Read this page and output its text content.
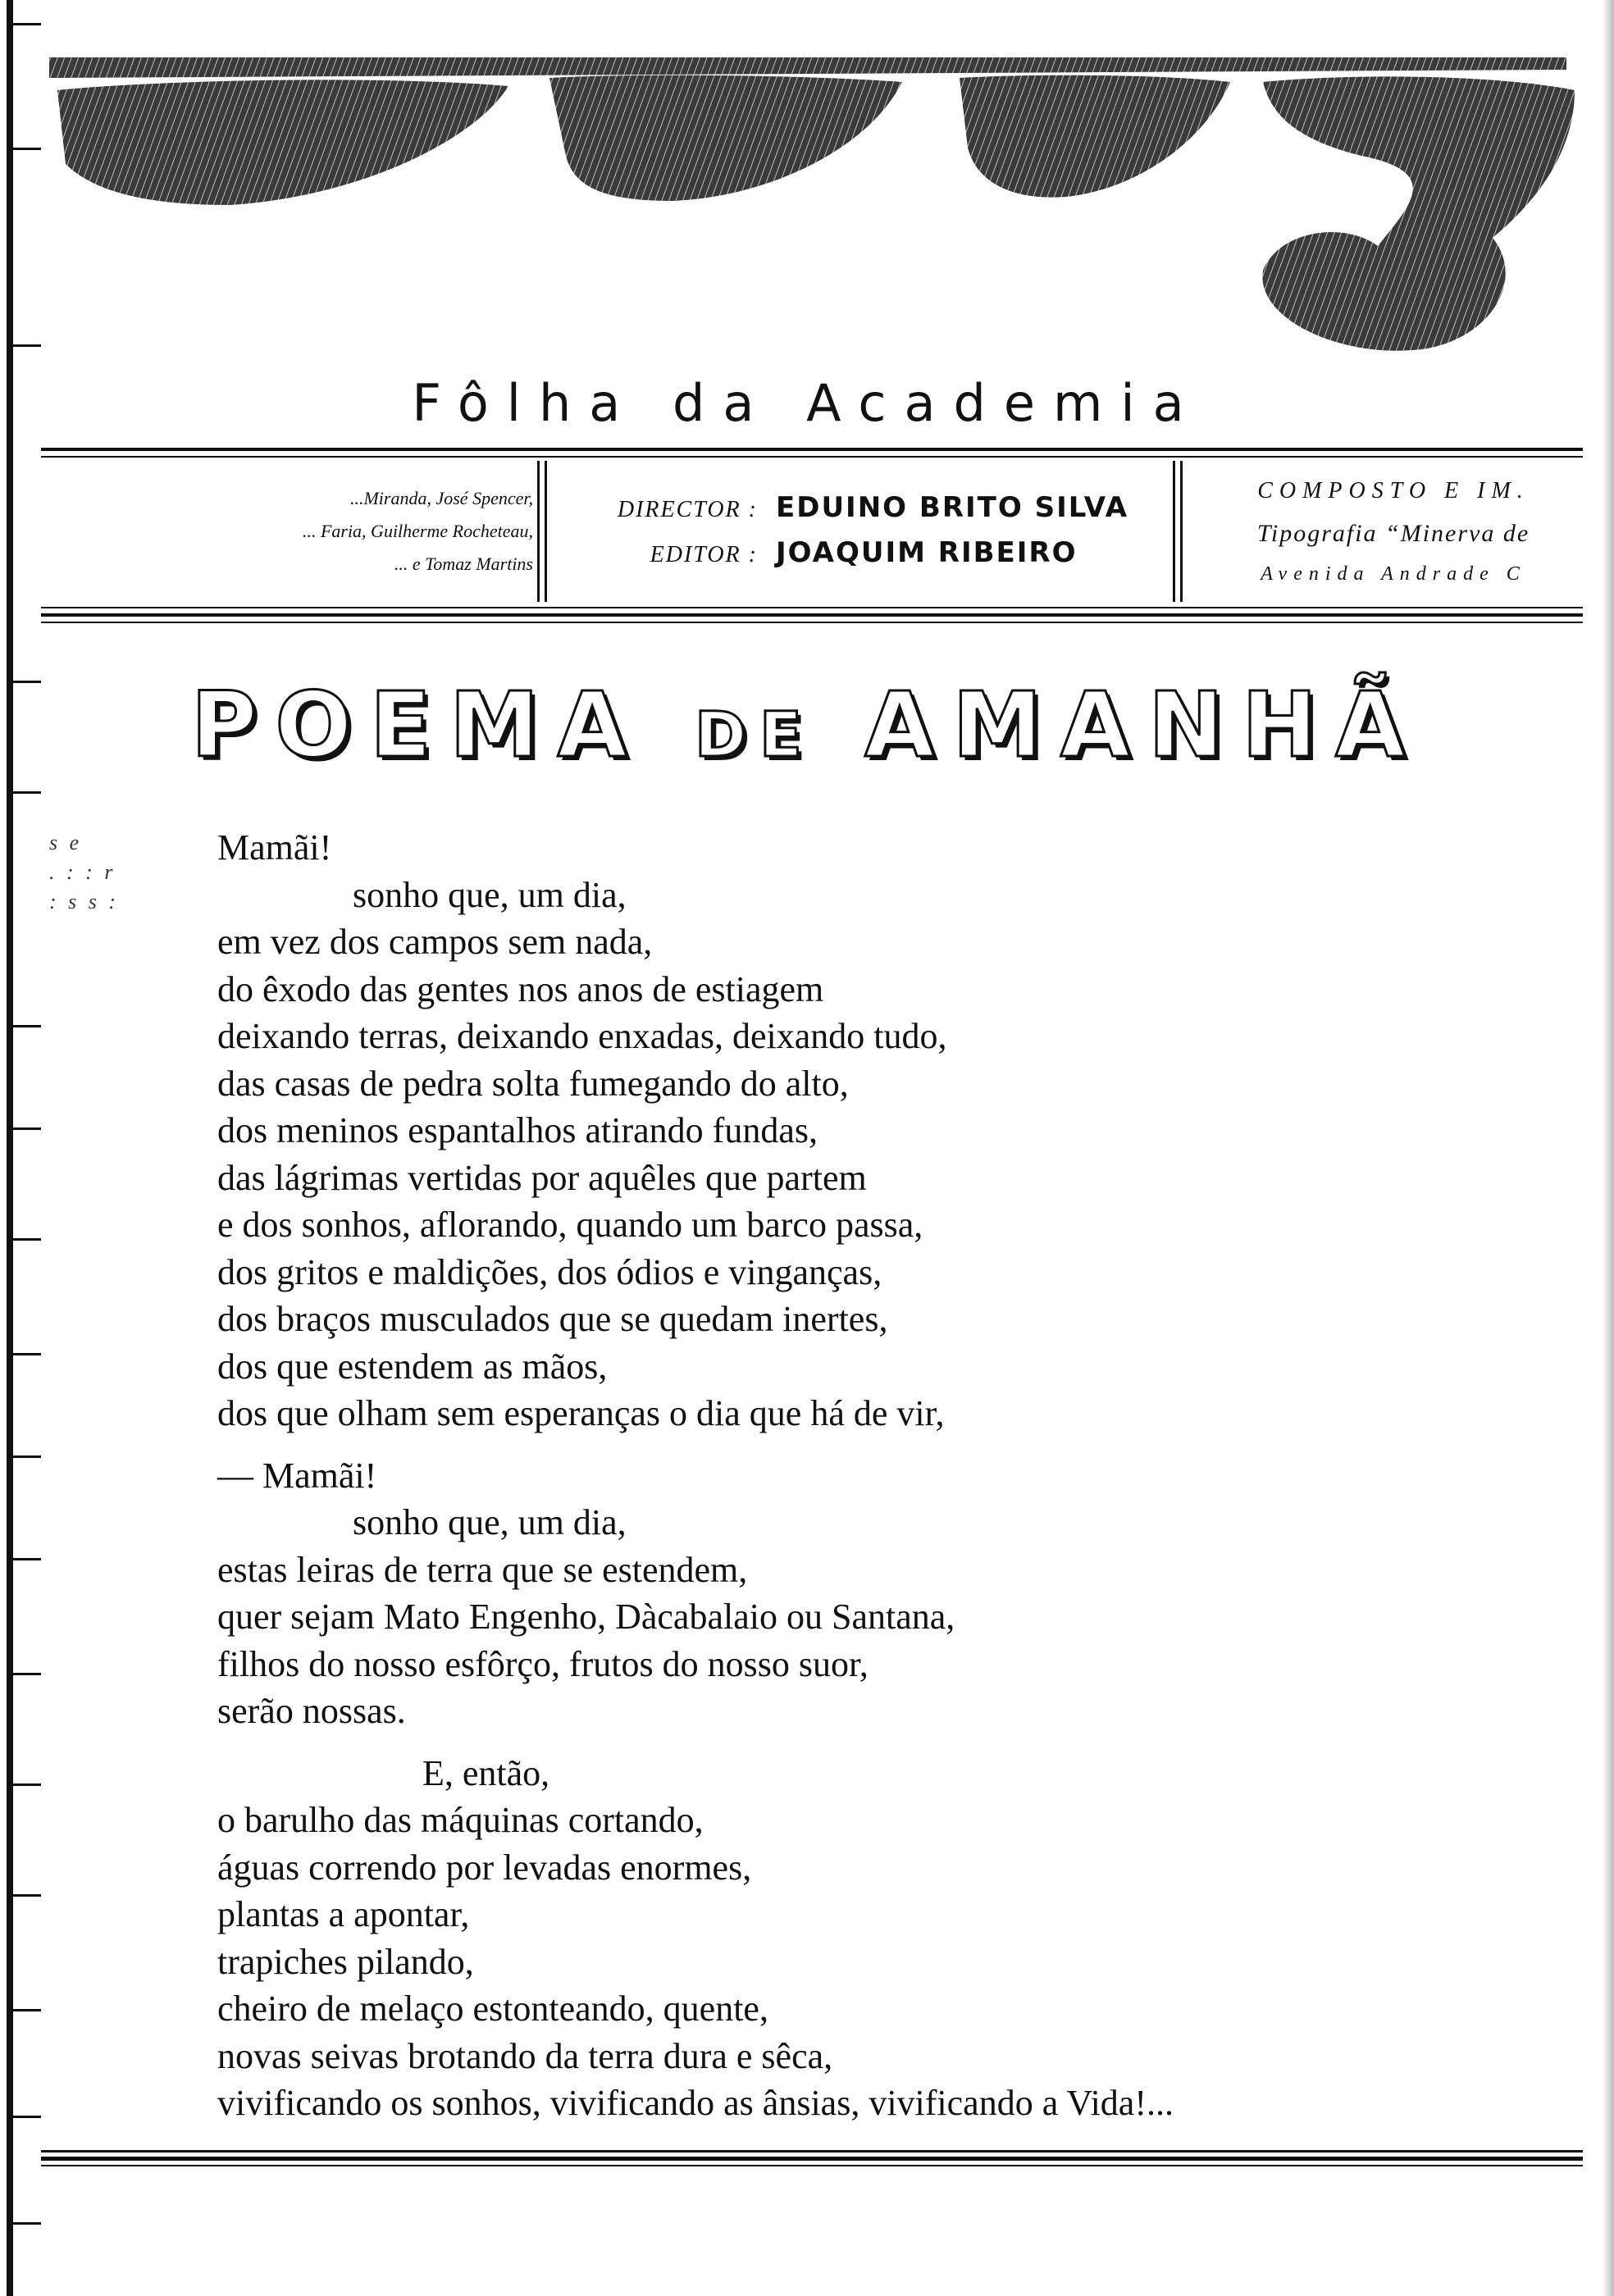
Fôlha da Academia
...Miranda, José Spencer,
... Faria, Guilherme Rocheteau,
... e Tomaz Martins
DIRECTOR : EDUINO BRITO SILVA
EDITOR : JOAQUIM RIBEIRO
COMPOSTO E IM.
Tipografia “Minerva de
Avenida Andrade C
POEMA DE AMANHÃ
s e
. : : r
: s s :
Mamãi!
sonho que, um dia,
em vez dos campos sem nada,
do êxodo das gentes nos anos de estiagem
deixando terras, deixando enxadas, deixando tudo,
das casas de pedra solta fumegando do alto,
dos meninos espantalhos atirando fundas,
das lágrimas vertidas por aquêles que partem
e dos sonhos, aflorando, quando um barco passa,
dos gritos e maldições, dos ódios e vinganças,
dos braços musculados que se quedam inertes,
dos que estendem as mãos,
dos que olham sem esperanças o dia que há de vir,
— Mamãi!
sonho que, um dia,
estas leiras de terra que se estendem,
quer sejam Mato Engenho, Dàcabalaio ou Santana,
filhos do nosso esfôrço, frutos do nosso suor,
serão nossas.
E, então,
o barulho das máquinas cortando,
águas correndo por levadas enormes,
plantas a apontar,
trapiches pilando,
cheiro de melaço estonteando, quente,
novas seivas brotando da terra dura e sêca,
vivificando os sonhos, vivificando as ânsias, vivificando a Vida!...
